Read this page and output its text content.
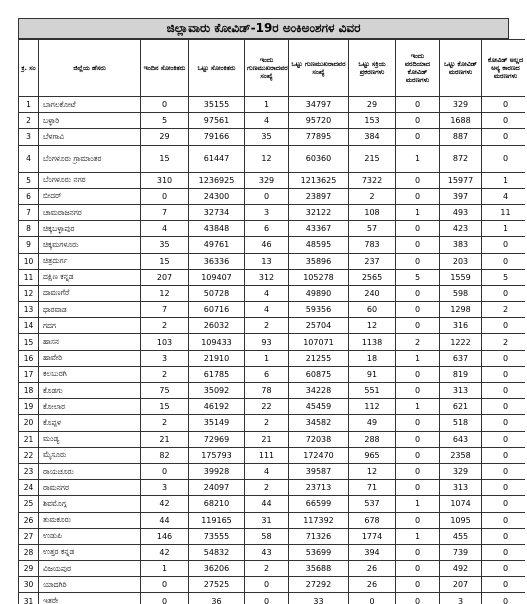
ಜಿಲ್ಲಾವಾರು ಕೋವಿಡ್-19ರ ಅಂಕಿಅಂಶಗಳ ವಿವರ
ಕ್ರ. ಸಂ	ಜಿಲ್ಲೆಯ ಹೆಸರು	ಇಂದಿನ ಸೋಂಕಿತರು	ಒಟ್ಟು ಸೋಂಕಿತರು	ಇಂದು ಗುಣಮುಖರಾದವರ ಸಂಖ್ಯೆ	ಒಟ್ಟು ಗುಣಮುಖರಾದವರ ಸಂಖ್ಯೆ	ಒಟ್ಟು ಸಕ್ರಿಯ ಪ್ರಕರಣಗಳು	ಇಂದು ವರದಿಯಾದ ಕೋವಿಡ್ ಮರಣಗಳು	ಒಟ್ಟು ಕೋವಿಡ್ ಮರಣಗಳು	ಕೋವಿಡ್ ಅಲ್ಲದ ಅನ್ಯ ಕಾರಣದ ಮರಣಗಳು
1	ಬಾಗಲಕೋಟೆ	0	35155	1	34797	29	0	329	0
2	ಬಳ್ಳಾರಿ	5	97561	4	95720	153	0	1688	0
3	ಬೆಳಗಾವಿ	29	79166	35	77895	384	0	887	0
4	ಬೆಂಗಳೂರು ಗ್ರಾಮಾಂತರ	15	61447	12	60360	215	1	872	0
5	ಬೆಂಗಳೂರು ನಗರ	310	1236925	329	1213625	7322	0	15977	1
6	ಬೀದರ್	0	24300	0	23897	2	0	397	4
7	ಚಾಮರಾಜನಗರ	7	32734	3	32122	108	1	493	11
8	ಚಿಕ್ಕಬಳ್ಳಾಪುರ	4	43848	6	43367	57	0	423	1
9	ಚಿಕ್ಕಮಗಳೂರು	35	49761	46	48595	783	0	383	0
10	ಚಿತ್ರದುರ್ಗ	15	36336	13	35896	237	0	203	0
11	ದಕ್ಷಿಣ ಕನ್ನಡ	207	109407	312	105278	2565	5	1559	5
12	ದಾವಣಗೆರೆ	12	50728	4	49890	240	0	598	0
13	ಧಾರವಾಡ	7	60716	4	59356	60	0	1298	2
14	ಗದಗ	2	26032	2	25704	12	0	316	0
15	ಹಾಸನ	103	109433	93	107071	1138	2	1222	2
16	ಹಾವೇರಿ	3	21910	1	21255	18	1	637	0
17	ಕಲಬುರಗಿ	2	61785	6	60875	91	0	819	0
18	ಕೊಡಗು	75	35092	78	34228	551	0	313	0
19	ಕೋಲಾರ	15	46192	22	45459	112	1	621	0
20	ಕೊಪ್ಪಳ	2	35149	2	34582	49	0	518	0
21	ಮಂಡ್ಯ	21	72969	21	72038	288	0	643	0
22	ಮೈಸೂರು	82	175793	111	172470	965	0	2358	0
23	ರಾಯಚೂರು	0	39928	4	39587	12	0	329	0
24	ರಾಮನಗರ	3	24097	2	23713	71	0	313	0
25	ಶಿವಮೊಗ್ಗ	42	68210	44	66599	537	1	1074	0
26	ತುಮಕೂರು	44	119165	31	117392	678	0	1095	0
27	ಉಡುಪಿ	146	73555	58	71326	1774	1	455	0
28	ಉತ್ತರ ಕನ್ನಡ	42	54832	43	53699	394	0	739	0
29	ವಿಜಯಪುರ	1	36206	2	35688	26	0	492	0
30	ಯಾದಗಿರಿ	0	27525	0	27292	26	0	207	0
31	ಇತರೇ	0	36	0	33	0	0	3	0
